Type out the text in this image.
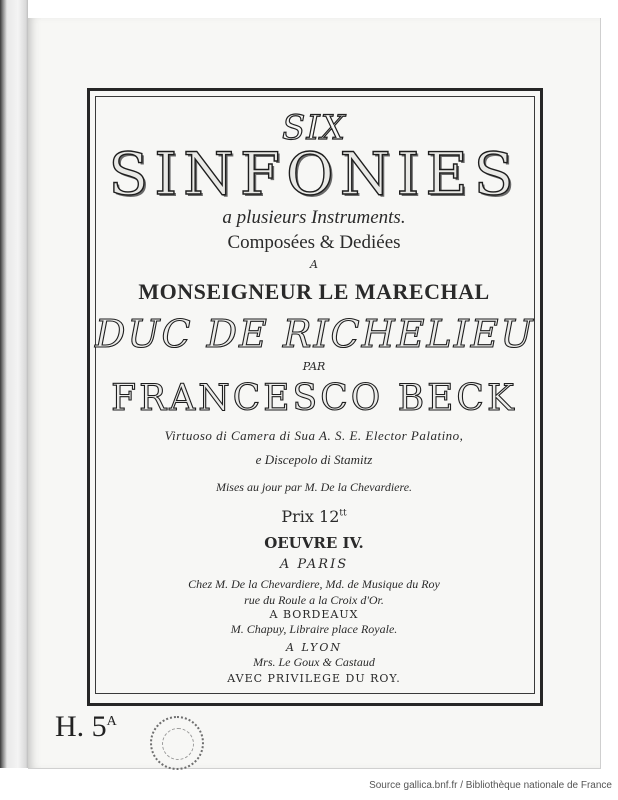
SIX
SINFONIES
a plusieurs Instruments.
Composées & Dediées
A
MONSEIGNEUR LE MARECHAL
DUC DE RICHELIEU
PAR
FRANCESCO BECK
Virtuoso di Camera di Sua A. S. E. Elector Palatino,
e Discepolo di Stamitz
Mises au jour par M. De la Chevardiere.
Prix $12^{tt}$
OEUVRE IV.
A PARIS
Chez M. De la Chevardiere, Md. de Musique du Roy
rue du Roule a la Croix d'Or.
A BORDEAUX
M. Chapuy, Libraire place Royale.
A LYON
Mrs. Le Goux & Castaud
AVEC PRIVILEGE DU ROY.
H. $5^A$
Source gallica.bnf.fr / Bibliothèque nationale de France
